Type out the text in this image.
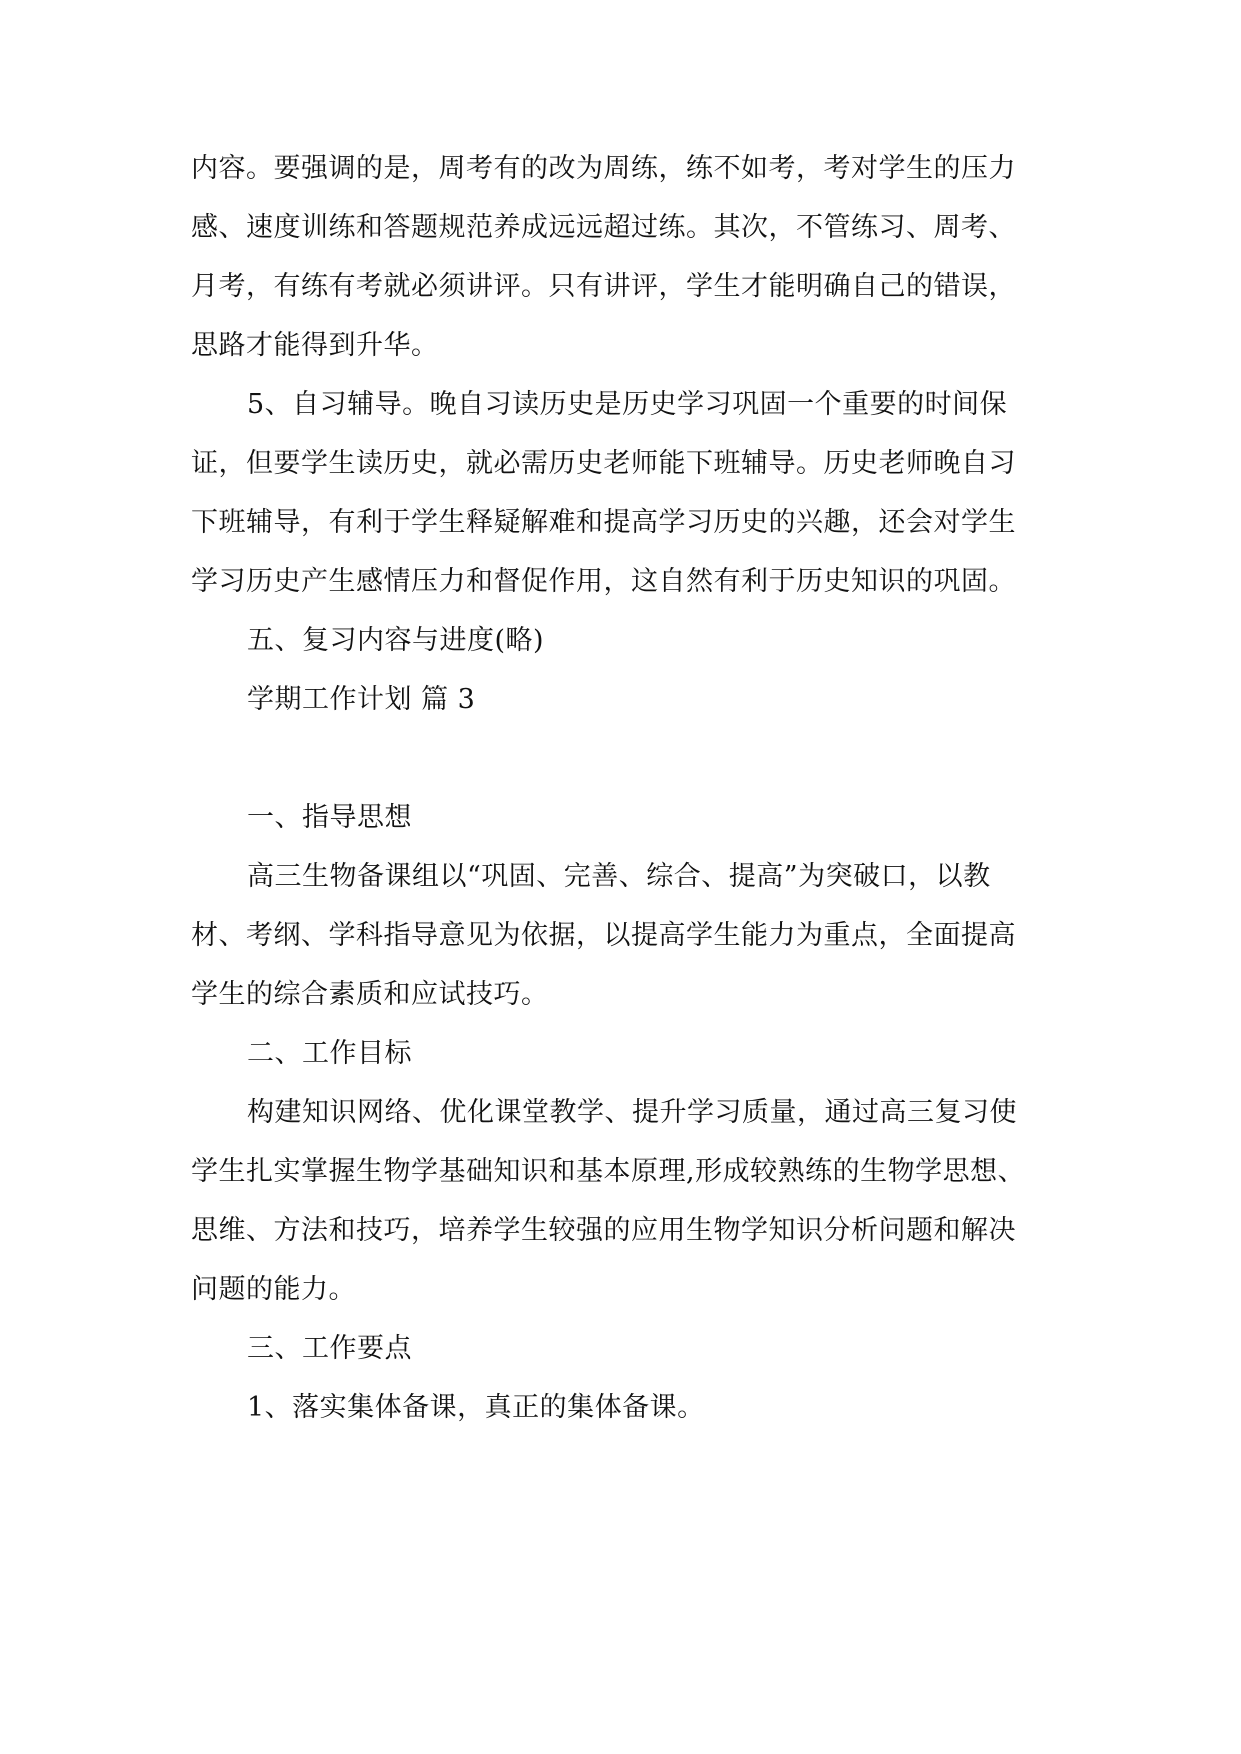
内容。要强调的是，周考有的改为周练，练不如考，考对学生的压力
感、速度训练和答题规范养成远远超过练。其次，不管练习、周考、
月考，有练有考就必须讲评。只有讲评，学生才能明确自己的错误，
思路才能得到升华。
5、自习辅导。晚自习读历史是历史学习巩固一个重要的时间保
证，但要学生读历史，就必需历史老师能下班辅导。历史老师晚自习
下班辅导，有利于学生释疑解难和提高学习历史的兴趣，还会对学生
学习历史产生感情压力和督促作用，这自然有利于历史知识的巩固。
五、复习内容与进度(略)
学期工作计划 篇 3
一、指导思想
高三生物备课组以“巩固、完善、综合、提高”为突破口，以教
材、考纲、学科指导意见为依据，以提高学生能力为重点，全面提高
学生的综合素质和应试技巧。
二、工作目标
构建知识网络、优化课堂教学、提升学习质量，通过高三复习使
学生扎实掌握生物学基础知识和基本原理,形成较熟练的生物学思想、
思维、方法和技巧，培养学生较强的应用生物学知识分析问题和解决
问题的能力。
三、工作要点
1、落实集体备课，真正的集体备课。
